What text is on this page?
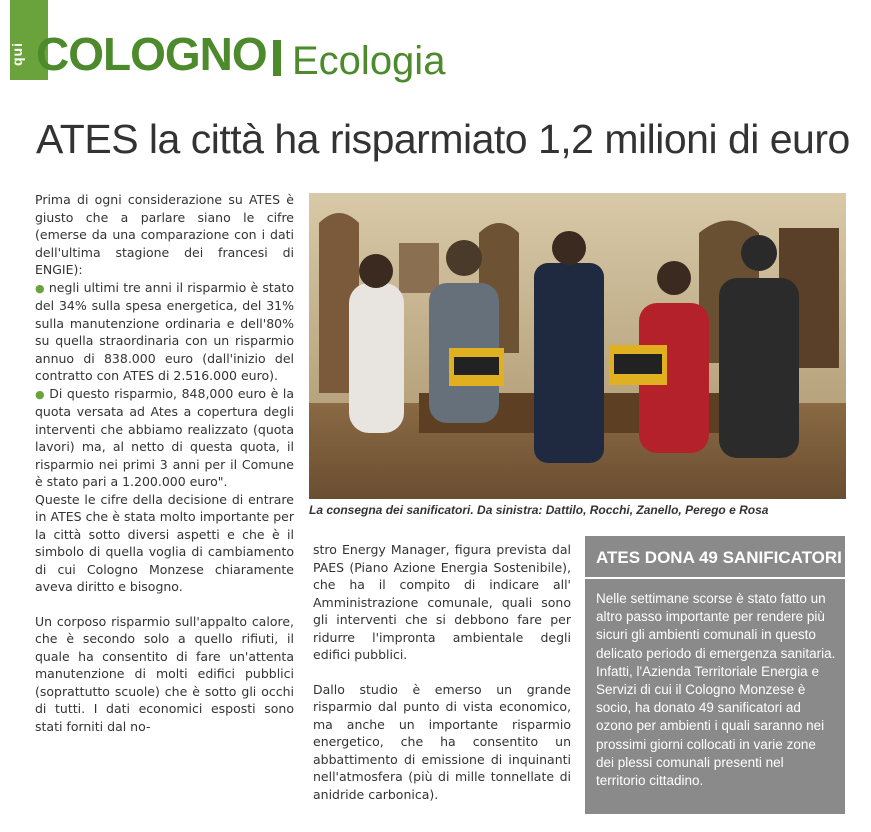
qui COLOGNO Ecologia
ATES la città ha risparmiato 1,2 milioni di euro

Prima di ogni considerazione su ATES è giusto che a parlare siano le cifre (emerse da una comparazione con i dati dell'ultima stagione dei francesi di ENGIE):

● negli ultimi tre anni il risparmio è stato del 34% sulla spesa energetica, del 31% sulla manutenzione ordinaria e dell'80% su quella straordinaria con un risparmio annuo di 838.000 euro (dall'inizio del contratto con ATES di 2.516.000 euro).

● Di questo risparmio, 848,000 euro è la quota versata ad Ates a copertura degli interventi che abbiamo realizzato (quota lavori) ma, al netto di questa quota, il risparmio nei primi 3 anni per il Comune è stato pari a 1.200.000 euro".

Queste le cifre della decisione di entrare in ATES che è stata molto importante per la città sotto diversi aspetti e che è il simbolo di quella voglia di cambiamento di cui Cologno Monzese chiaramente aveva diritto e bisogno.

Un corposo risparmio sull'appalto calore, che è secondo solo a quello rifiuti, il quale ha consentito di fare un'attenta manutenzione di molti edifici pubblici (soprattutto scuole) che è sotto gli occhi di tutti. I dati economici esposti sono stati forniti dal no-

La consegna dei sanificatori. Da sinistra: Dattilo, Rocchi, Zanello, Perego e Rosa

stro Energy Manager, figura prevista dal PAES (Piano Azione Energia Sostenibile), che ha il compito di indicare all' Amministrazione comunale, quali sono gli interventi che si debbono fare per ridurre l'impronta ambientale degli edifici pubblici.

Dallo studio è emerso un grande risparmio dal punto di vista economico, ma anche un importante risparmio energetico, che ha consentito un abbattimento di emissione di inquinanti nell'atmosfera (più di mille tonnellate di anidride carbonica).

ATES DONA 49 SANIFICATORI

Nelle settimane scorse è stato fatto un altro passo importante per rendere più sicuri gli ambienti comunali in questo delicato periodo di emergenza sanitaria. Infatti, l'Azienda Territoriale Energia e Servizi di cui il Cologno Monzese è socio, ha donato 49 sanificatori ad ozono per ambienti i quali saranno nei prossimi giorni collocati in varie zone dei plessi comunali presenti nel territorio cittadino.
